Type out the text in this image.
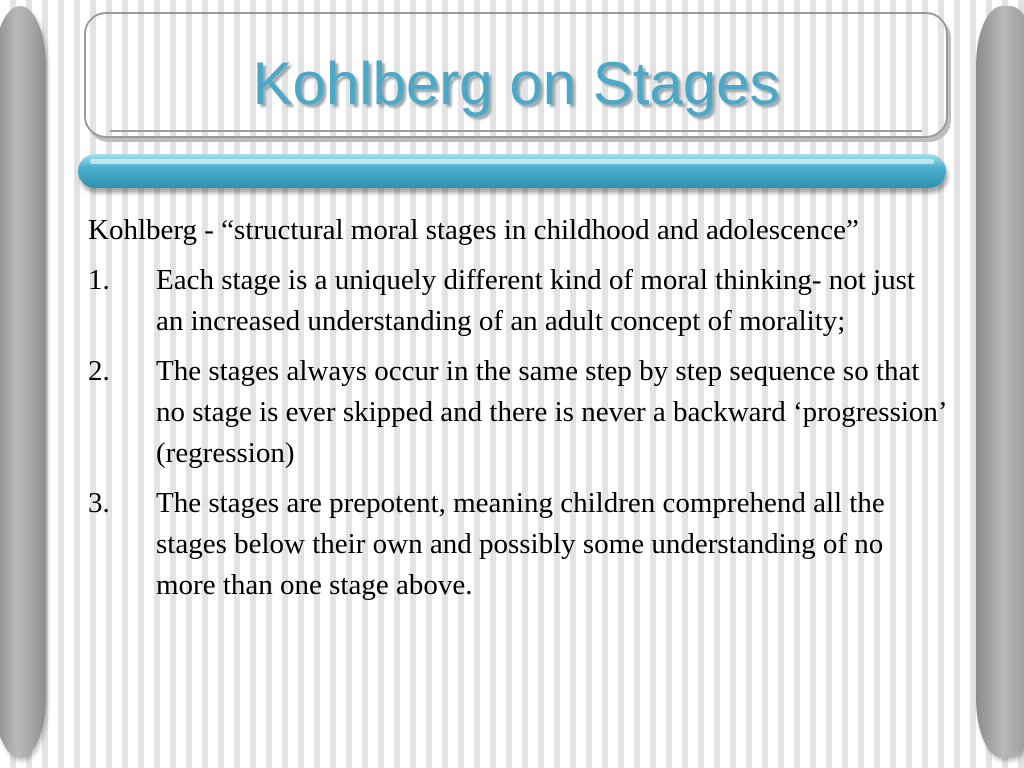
Kohlberg on Stages

Kohlberg - “structural moral stages in childhood and adolescence”

1. Each stage is a uniquely different kind of moral thinking- not just an increased understanding of an adult concept of morality;
2. The stages always occur in the same step by step sequence so that no stage is ever skipped and there is never a backward ‘progression’ (regression)
3. The stages are prepotent, meaning children comprehend all the stages below their own and possibly some understanding of no more than one stage above.
